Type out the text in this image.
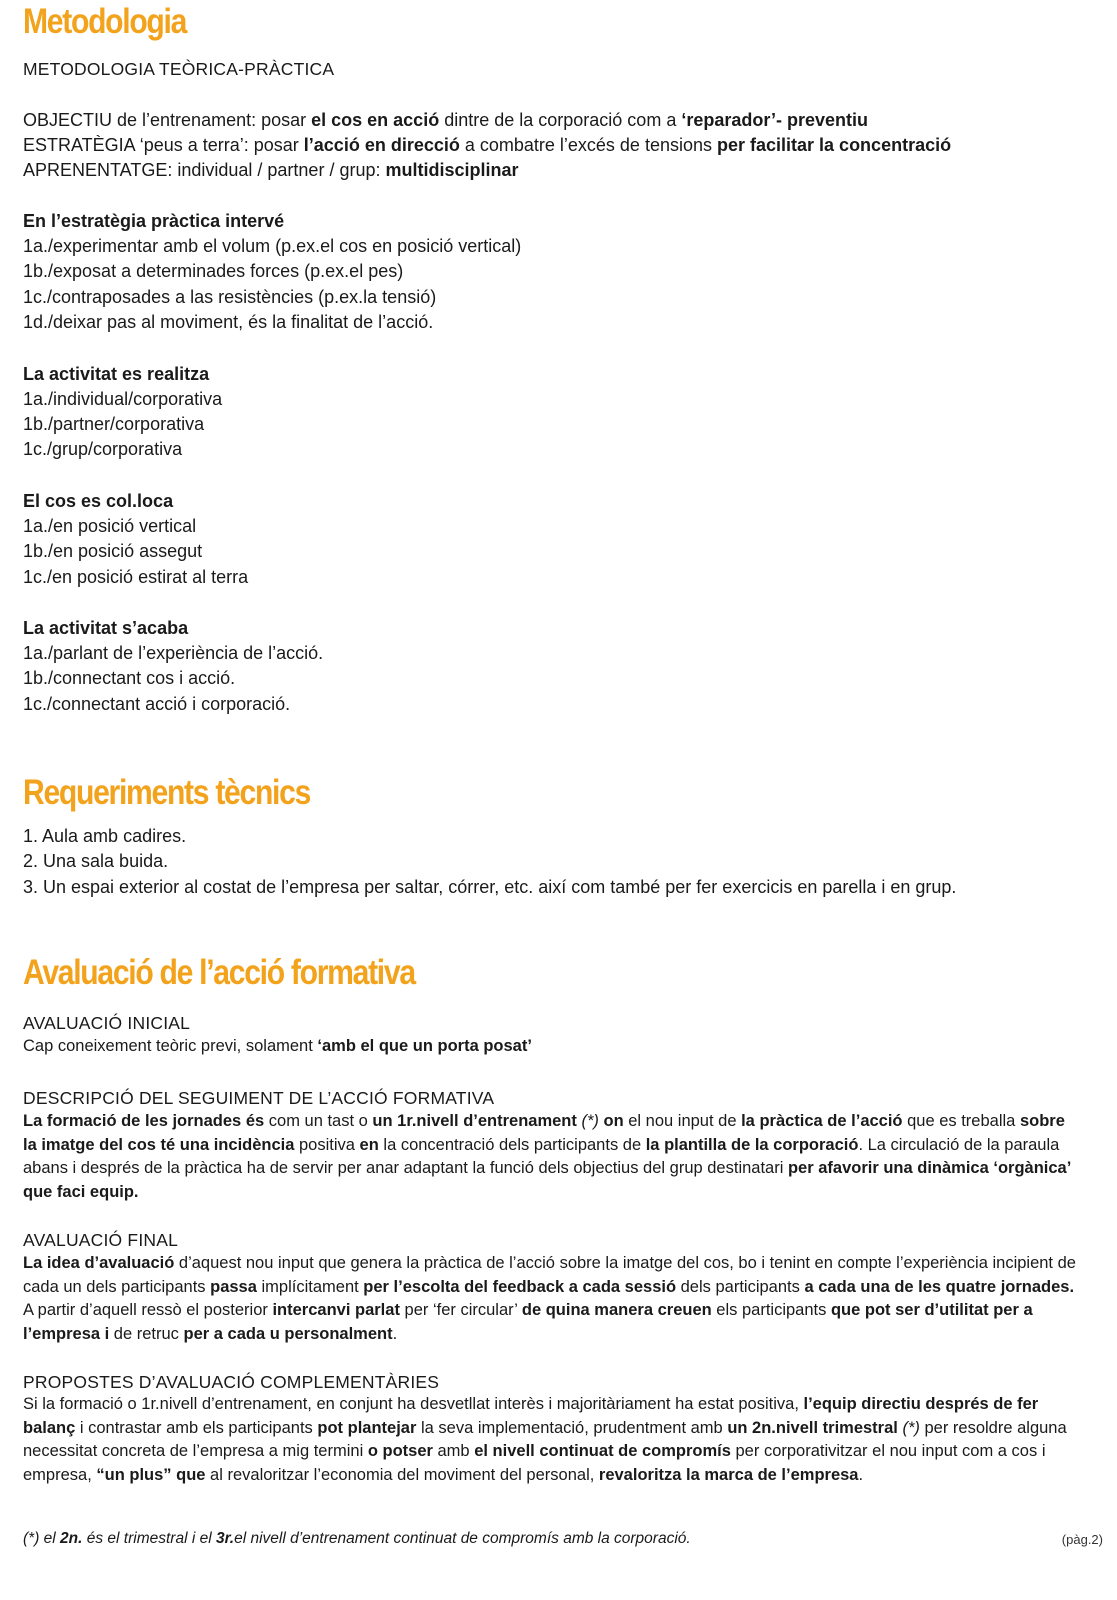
Metodologia
METODOLOGIA TEÒRICA-PRÀCTICA
OBJECTIU de l’entrenament: posar el cos en acció dintre de la corporació com a ‘reparador’- preventiu
ESTRATÈGIA ‘peus a terra’: posar l’acció en direcció a combatre l’excés de tensions per facilitar la concentració
APRENENTATGE: individual / partner / grup: multidisciplinar
En l’estratègia pràctica intervé
1a./experimentar amb el volum (p.ex.el cos en posició vertical)
1b./exposat a determinades forces (p.ex.el pes)
1c./contraposades a las resistències (p.ex.la tensió)
1d./deixar pas al moviment, és la finalitat de l’acció.
La activitat es realitza
1a./individual/corporativa
1b./partner/corporativa
1c./grup/corporativa
El cos es col.loca
1a./en posició vertical
1b./en posició assegut
1c./en posició estirat al terra
La activitat s’acaba
1a./parlant de l’experiència de l’acció.
1b./connectant cos i acció.
1c./connectant acció i corporació.
Requeriments tècnics
1. Aula amb cadires.
2. Una sala buida.
3. Un espai exterior al costat de l’empresa per saltar, córrer, etc. així com també per fer exercicis en parella i en grup.
Avaluació de l’acció formativa
AVALUACIÓ INICIAL
Cap coneixement teòric previ, solament ‘amb el que un porta posat’
DESCRIPCIÓ DEL SEGUIMENT DE L’ACCIÓ FORMATIVA
La formació de les jornades és com un tast o un 1r.nivell d’entrenament (*) on el nou input de la pràctica de l’acció que es treballa sobre la imatge del cos té una incidència positiva en la concentració dels participants de la plantilla de la corporació. La circulació de la paraula abans i després de la pràctica ha de servir per anar adaptant la funció dels objectius del grup destinatari per afavorir una dinàmica ‘orgànica’ que faci equip.
AVALUACIÓ FINAL
La idea d’avaluació d’aquest nou input que genera la pràctica de l’acció sobre la imatge del cos, bo i tenint en compte l’experiència incipient de cada un dels participants passa implícitament per l’escolta del feedback a cada sessió dels participants a cada una de les quatre jornades. A partir d’aquell ressò el posterior intercanvi parlat per ‘fer circular’ de quina manera creuen els participants que pot ser d’utilitat per a l’empresa i de retruc per a cada u personalment.
PROPOSTES D’AVALUACIÓ COMPLEMENTÀRIES
Si la formació o 1r.nivell d’entrenament, en conjunt ha desvetllat interès i majoritàriament ha estat positiva, l’equip directiu després de fer balanç i contrastar amb els participants pot plantejar la seva implementació, prudentment amb un 2n.nivell trimestral (*) per resoldre alguna necessitat concreta de l’empresa a mig termini o potser amb el nivell continuat de compromís per corporativitzar el nou input com a cos i empresa, “un plus” que al revaloritzar l’economia del moviment del personal, revaloritza la marca de l’empresa.
(*) el 2n. és el trimestral i el 3r.el nivell d’entrenament continuat de compromís amb la corporació.	(pàg.2)
